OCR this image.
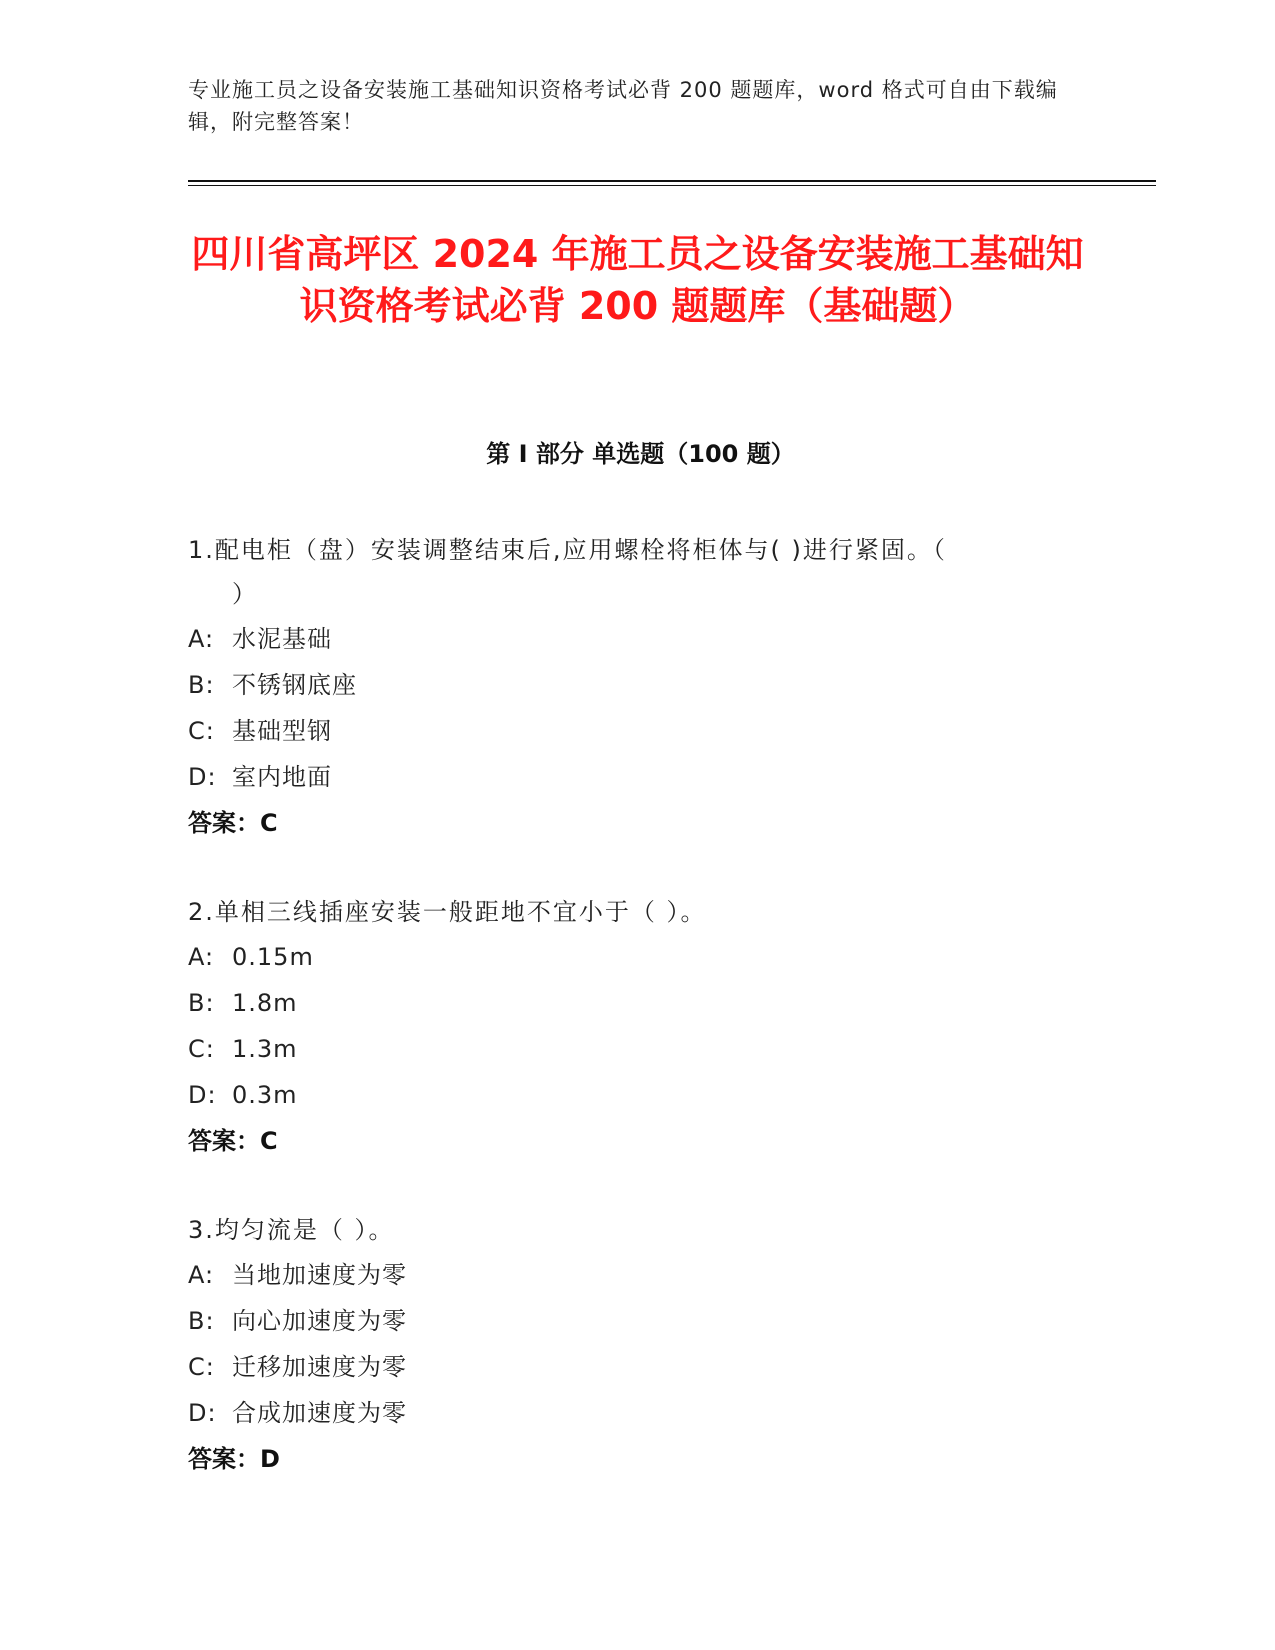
专业施工员之设备安装施工基础知识资格考试必背 200 题题库，word 格式可自由下载编辑，附完整答案！
四川省高坪区 2024 年施工员之设备安装施工基础知识资格考试必背 200 题题库（基础题）
第 I 部分 单选题（100 题）
1.配电柜（盘）安装调整结束后,应用螺栓将柜体与( )进行紧固。（
）
A: 水泥基础
B: 不锈钢底座
C: 基础型钢
D: 室内地面
答案：C
2.单相三线插座安装一般距地不宜小于（ ）。
A: 0.15m
B: 1.8m
C: 1.3m
D: 0.3m
答案：C
3.均匀流是（ ）。
A: 当地加速度为零
B: 向心加速度为零
C: 迁移加速度为零
D: 合成加速度为零
答案：D
